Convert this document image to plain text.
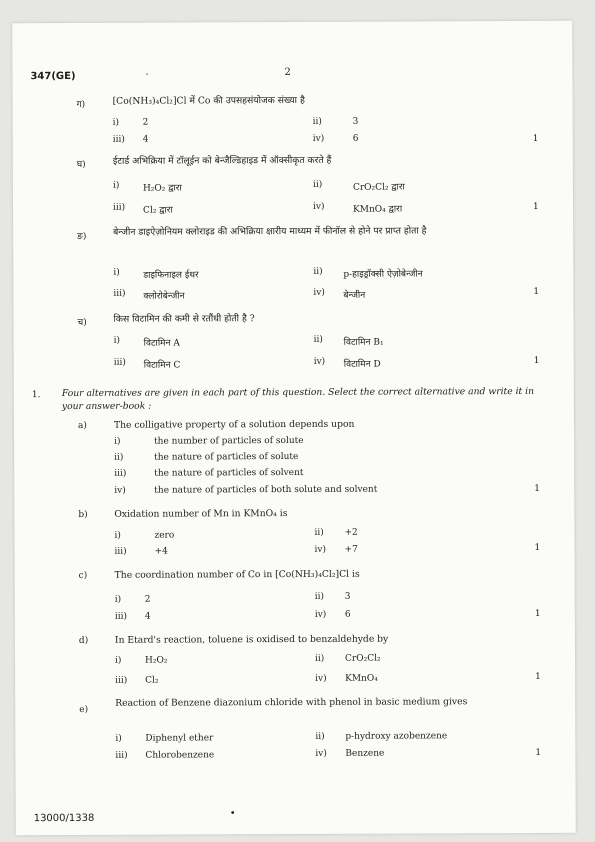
347(GE)	·	2
ग)	[Co(NH₃)₄Cl₂]Cl में Co की उपसहसंयोजक संख्या है
i)	2	ii)	3
iii) 4	iv)	6	1
घ)	ईटार्ड अभिक्रिया में टॉलूईन को बेन्जैल्डिहाइड में ऑक्सीकृत करते हैं
i)	H₂O₂ द्वारा	ii)	CrO₂Cl₂ द्वारा
iii) Cl₂ द्वारा	iv)	KMnO₄ द्वारा	1
ङ)	बेन्जीन डाइऐज़ोनियम क्लोराइड की अभिक्रिया क्षारीय माध्यम में फीनॉल से होने पर प्राप्त होता है
i)	डाइफिनाइल ईथर	ii) p-हाइड्रॉक्सी ऐज़ोबेन्जीन
iii) क्लोरोबेन्जीन	iv) बेन्जीन	1
च)	किस विटामिन की कमी से रतौंधी होती है ?
i)	विटामिन A	ii) विटामिन B₁
iii) विटामिन C	iv) विटामिन D	1
1. Four alternatives are given in each part of this question. Select the correct alternative and write it in your answer-book :
a)	The colligative property of a solution depends upon
i)	the number of particles of solute
ii)	the nature of particles of solute
iii)	the nature of particles of solvent
iv)	the nature of particles of both solute and solvent	1
b)	Oxidation number of Mn in KMnO₄ is
i)	zero	ii) +2
iii)	+4	iv) +7	1
c)	The coordination number of Co in [Co(NH₃)₄Cl₂]Cl is
i)	2	ii) 3
iii) 4	iv) 6	1
d)	In Etard's reaction, toluene is oxidised to benzaldehyde by
i)	H₂O₂	ii) CrO₂Cl₂
iii) Cl₂	iv) KMnO₄	1
e)
Reaction of Benzene diazonium chloride with phenol in basic medium gives
i)	Diphenyl ether	ii) p-hydroxy azobenzene
iii) Chlorobenzene	iv) Benzene	1
13000/1338	•
